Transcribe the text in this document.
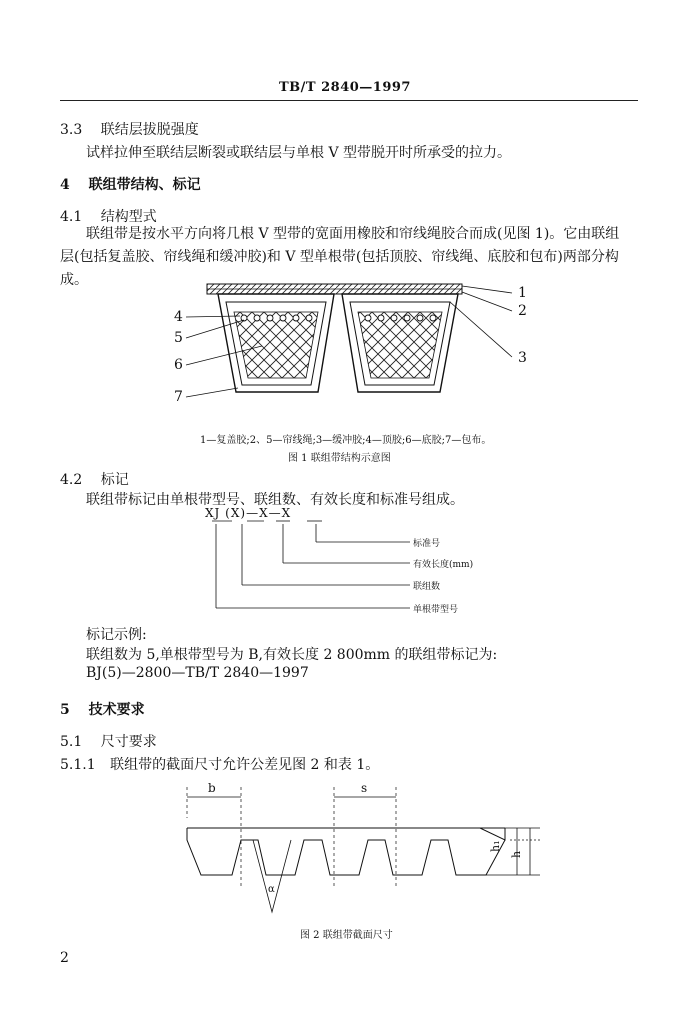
TB/T 2840—1997
3.3 联结层拔脱强度
试样拉伸至联结层断裂或联结层与单根 V 型带脱开时所承受的拉力。
4 联组带结构、标记
4.1 结构型式
联组带是按水平方向将几根 V 型带的宽面用橡胶和帘线绳胶合而成(见图 1)。它由联组
层(包括复盖胶、帘线绳和缓冲胶)和 V 型单根带(包括顶胶、帘线绳、底胶和包布)两部分构
成。
1
2
3
4
5
6
7
1—复盖胶;2、5—帘线绳;3—缓冲胶;4—顶胶;6—底胶;7—包布。
图 1 联组带结构示意图
4.2 标记
联组带标记由单根带型号、联组数、有效长度和标准号组成。
XJ (X)—X—X
标准号
有效长度(mm)
联组数
单根带型号
标记示例:
联组数为 5,单根带型号为 B,有效长度 2 800mm 的联组带标记为:
BJ(5)—2800—TB/T 2840—1997
5 技术要求
5.1 尺寸要求
5.1.1 联组带的截面尺寸允许公差见图 2 和表 1。
b	s
h₁
h
α
图 2 联组带截面尺寸
2
